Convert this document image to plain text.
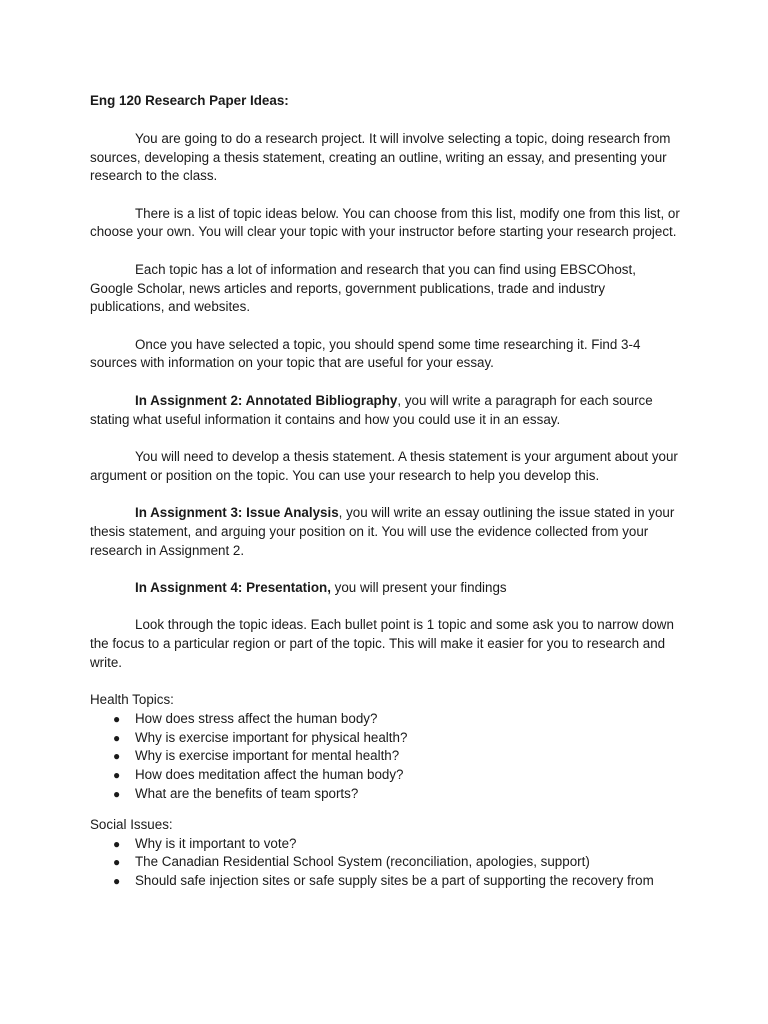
Eng 120 Research Paper Ideas:

You are going to do a research project. It will involve selecting a topic, doing research from sources, developing a thesis statement, creating an outline, writing an essay, and presenting your research to the class.

There is a list of topic ideas below. You can choose from this list, modify one from this list, or choose your own. You will clear your topic with your instructor before starting your research project.

Each topic has a lot of information and research that you can find using EBSCOhost, Google Scholar, news articles and reports, government publications, trade and industry publications, and websites.

Once you have selected a topic, you should spend some time researching it. Find 3-4 sources with information on your topic that are useful for your essay.

In Assignment 2: Annotated Bibliography, you will write a paragraph for each source stating what useful information it contains and how you could use it in an essay.

You will need to develop a thesis statement. A thesis statement is your argument about your argument or position on the topic. You can use your research to help you develop this.

In Assignment 3: Issue Analysis, you will write an essay outlining the issue stated in your thesis statement, and arguing your position on it. You will use the evidence collected from your research in Assignment 2.

In Assignment 4: Presentation, you will present your findings

Look through the topic ideas. Each bullet point is 1 topic and some ask you to narrow down the focus to a particular region or part of the topic. This will make it easier for you to research and write.

Health Topics:
● How does stress affect the human body?
● Why is exercise important for physical health?
● Why is exercise important for mental health?
● How does meditation affect the human body?
● What are the benefits of team sports?
Social Issues:
● Why is it important to vote?
● The Canadian Residential School System (reconciliation, apologies, support)
● Should safe injection sites or safe supply sites be a part of supporting the recovery from
